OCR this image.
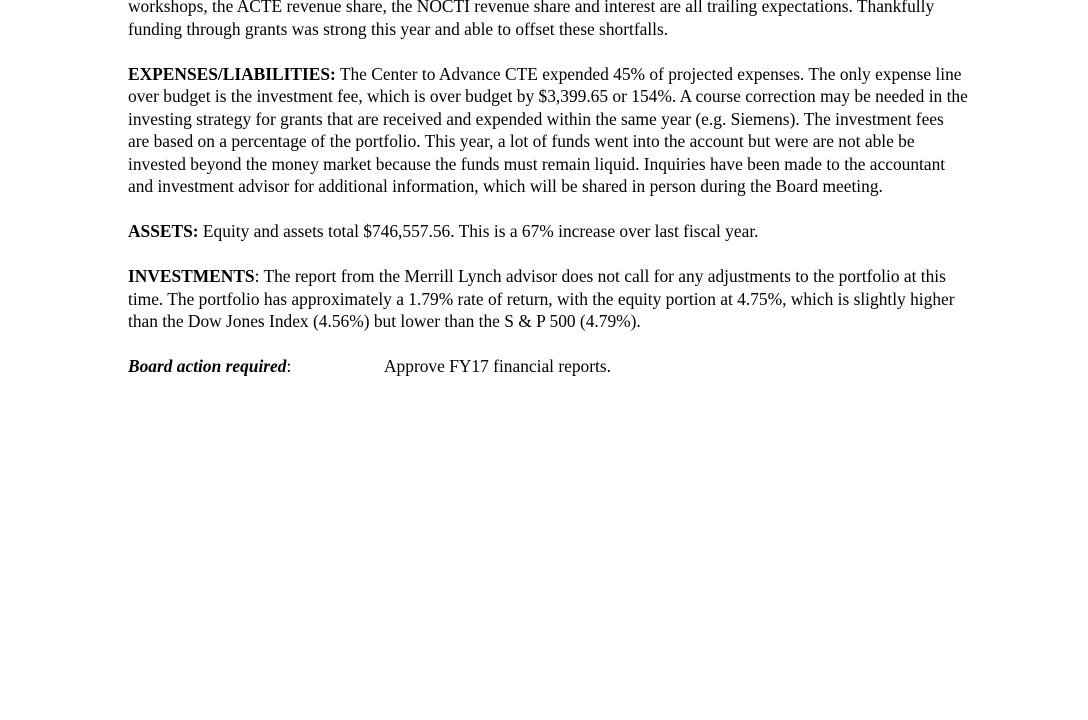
workshops, the ACTE revenue share, the NOCTI revenue share and interest are all trailing expectations. Thankfully funding through grants was strong this year and able to offset these shortfalls.

EXPENSES/LIABILITIES: The Center to Advance CTE expended 45% of projected expenses. The only expense line over budget is the investment fee, which is over budget by $3,399.65 or 154%. A course correction may be needed in the investing strategy for grants that are received and expended within the same year (e.g. Siemens). The investment fees are based on a percentage of the portfolio. This year, a lot of funds went into the account but were are not able be invested beyond the money market because the funds must remain liquid. Inquiries have been made to the accountant and investment advisor for additional information, which will be shared in person during the Board meeting.

ASSETS: Equity and assets total $746,557.56. This is a 67% increase over last fiscal year.

INVESTMENTS: The report from the Merrill Lynch advisor does not call for any adjustments to the portfolio at this time. The portfolio has approximately a 1.79% rate of return, with the equity portion at 4.75%, which is slightly higher than the Dow Jones Index (4.56%) but lower than the S & P 500 (4.79%).

Board action required:	Approve FY17 financial reports.
